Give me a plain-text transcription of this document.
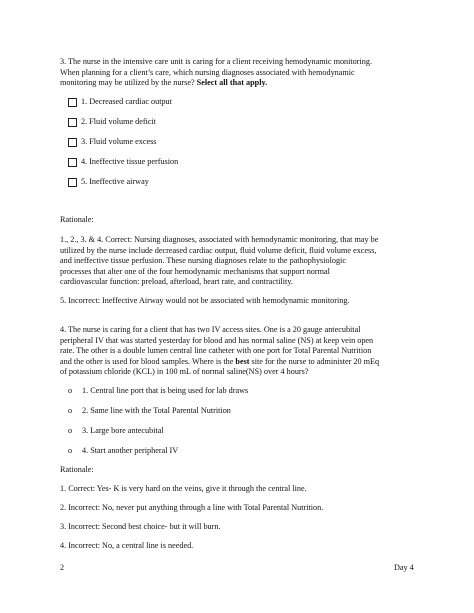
3. The nurse in the intensive care unit is caring for a client receiving hemodynamic monitoring.
When planning for a client’s care, which nursing diagnoses associated with hemodynamic
monitoring may be utilized by the nurse? Select all that apply.
1. Decreased cardiac output
2. Fluid volume deficit
3. Fluid volume excess
4. Ineffective tissue perfusion
5. Ineffective airway
Rationale:
1., 2., 3. & 4. Correct: Nursing diagnoses, associated with hemodynamic monitoring, that may be
utilized by the nurse include decreased cardiac output, fluid volume deficit, fluid volume excess,
and ineffective tissue perfusion. These nursing diagnoses relate to the pathophysiologic
processes that alter one of the four hemodynamic mechanisms that support normal
cardiovascular function: preload, afterload, heart rate, and contractility.
5. Incorrect: Ineffective Airway would not be associated with hemodynamic monitoring.
4. The nurse is caring for a client that has two IV access sites. One is a 20 gauge antecubital
peripheral IV that was started yesterday for blood and has normal saline (NS) at keep vein open
rate. The other is a double lumen central line catheter with one port for Total Parental Nutrition
and the other is used for blood samples. Where is the best site for the nurse to administer 20 mEq
of potassium chloride (KCL) in 100 mL of normal saline(NS) over 4 hours?
o 1. Central line port that is being used for lab draws
o 2. Same line with the Total Parental Nutrition
o 3. Large bore antecubital
o 4. Start another peripheral IV
Rationale:
1. Correct: Yes- K is very hard on the veins, give it through the central line.
2. Incorrect: No, never put anything through a line with Total Parental Nutrition.
3. Incorrect: Second best choice- but it will burn.
4. Incorrect: No, a central line is needed.
2	Day 4
